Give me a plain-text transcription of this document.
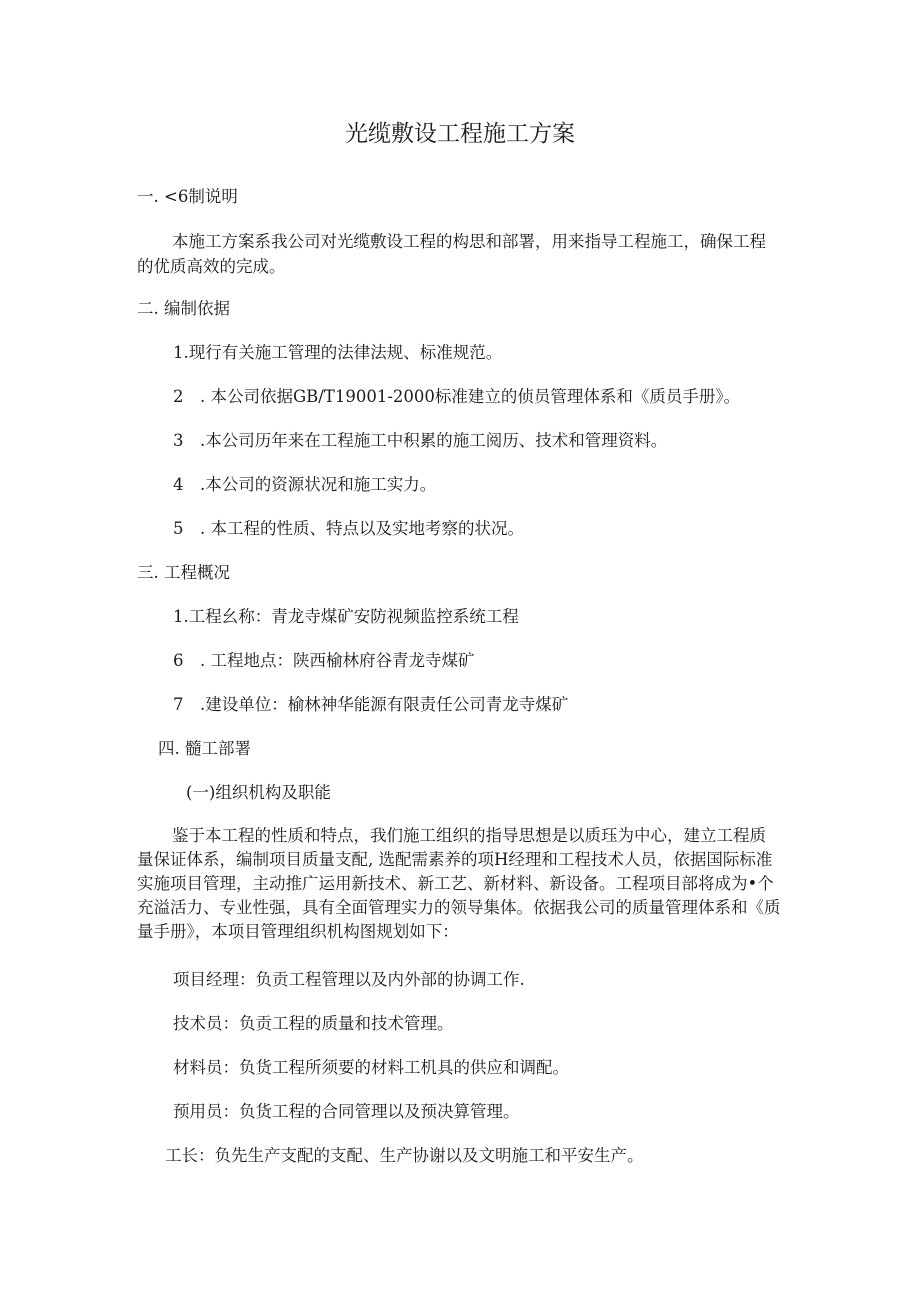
光缆敷设工程施工方案
一. <6制说明
本施工方案系我公司对光缆敷设工程的构思和部署，用来指导工程施工，确保工程
的优质高效的完成。
二. 编制依据
1.现行有关施工管理的法律法规、标准规范。
2　. 本公司依据GB/T19001-2000标准建立的侦员管理体系和《质员手册》。
3　.本公司历年来在工程施工中积累的施工阅历、技术和管理资料。
4　.本公司的资源状况和施工实力。
5　. 本工程的性质、特点以及实地考察的状况。
三. 工程概况
1.工程幺称：青龙寺煤矿安防视频监控系统工程
6　. 工程地点：陕西榆林府谷青龙寺煤矿
7　.建设单位：榆林神华能源有限责任公司青龙寺煤矿
四. 髓工部署
(一)组织机构及职能
鉴于本工程的性质和特点，我们施工组织的指导思想是以质珏为中心，建立工程质
量保证体系，编制项目质量支配, 选配需素养的项H经理和工程技术人员，依据国际标准
实施项目管理，主动推广运用新技术、新工艺、新材料、新设备。工程项目部将成为•个
充溢活力、专业性强，具有全面管理实力的领导集体。依据我公司的质量管理体系和《质
量手册》，本项目管理组织机构图规划如下：
项目经理：负贡工程管理以及内外部的协调工作.
技术员：负贡工程的质量和技术管理。
材料员：负货工程所须要的材料工机具的供应和调配。
预用员：负货工程的合同管理以及预决算管理。
工长：负先生产支配的支配、生产协谢以及文明施工和平安生产。
